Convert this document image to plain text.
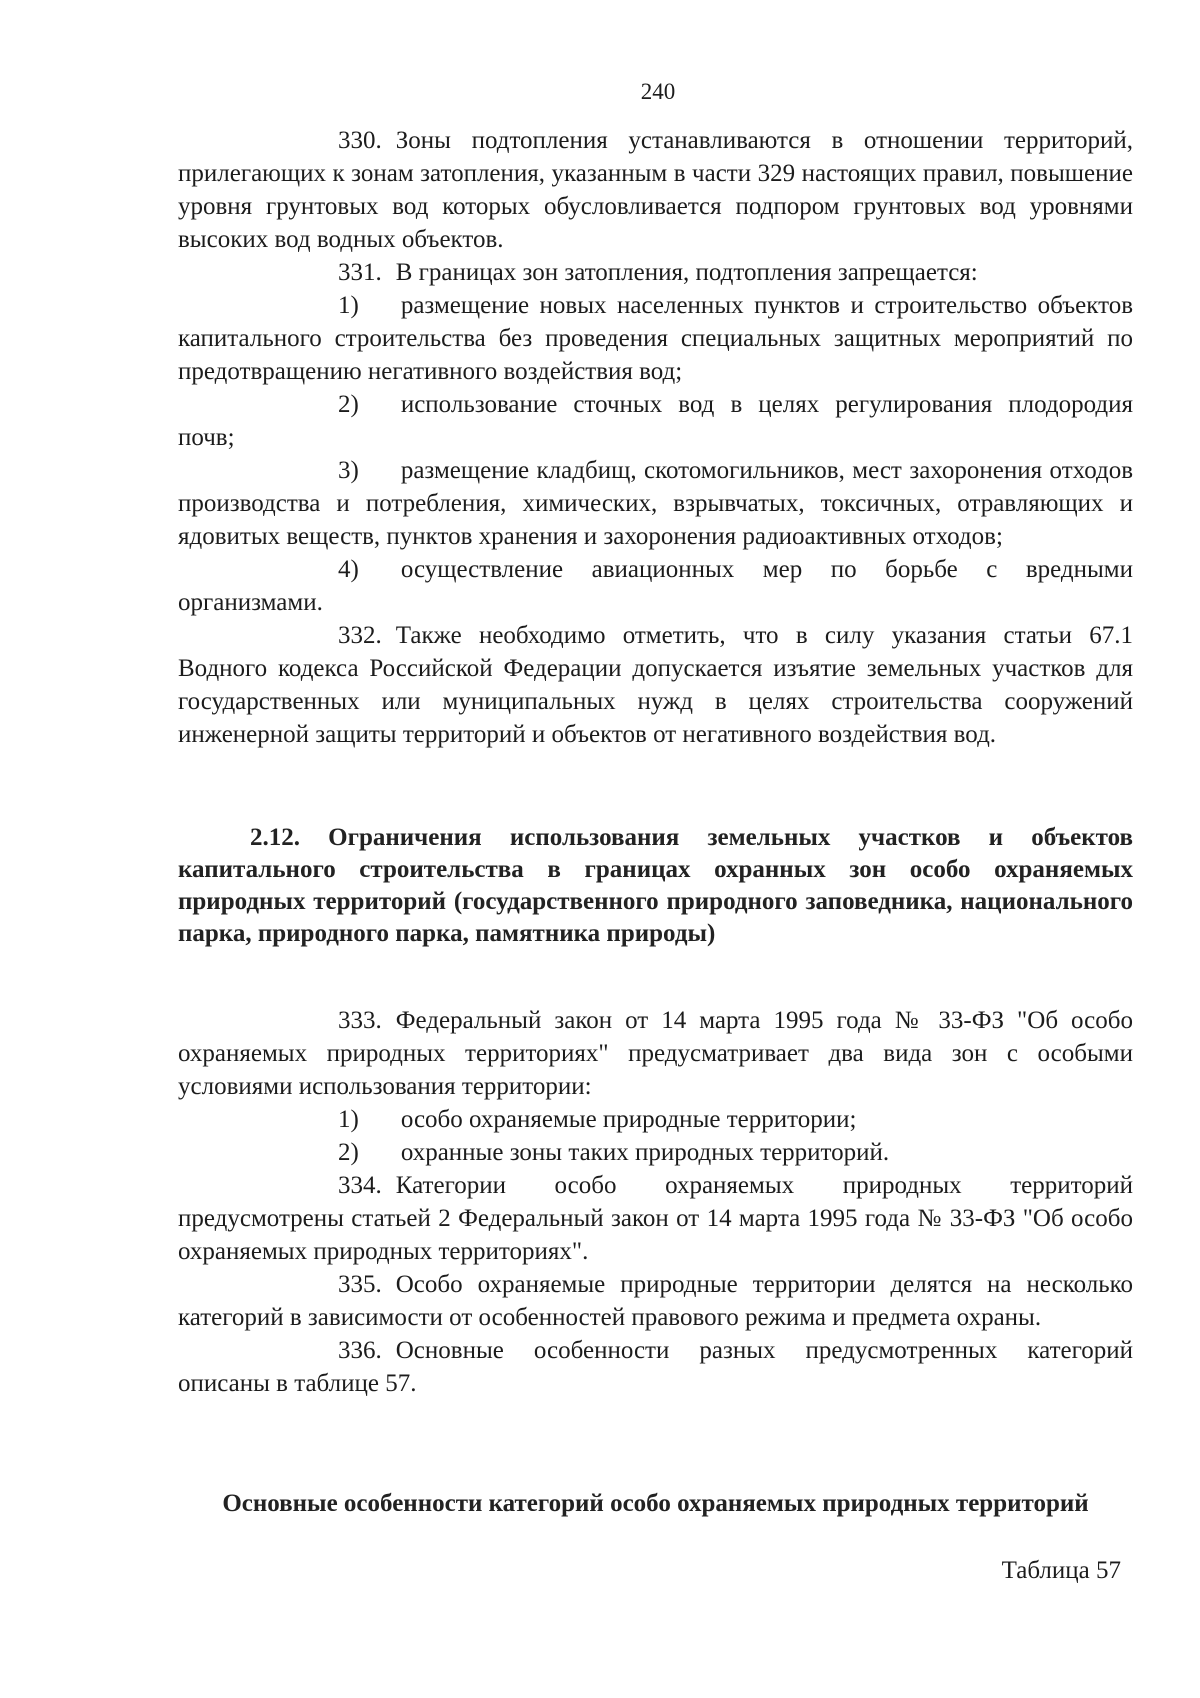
240

330. Зоны подтопления устанавливаются в отношении территорий, прилегающих к зонам затопления, указанным в части 329 настоящих правил, повышение уровня грунтовых вод которых обусловливается подпором грунтовых вод уровнями высоких вод водных объектов.

331. В границах зон затопления, подтопления запрещается:

1) размещение новых населенных пунктов и строительство объектов капитального строительства без проведения специальных защитных мероприятий по предотвращению негативного воздействия вод;

2) использование сточных вод в целях регулирования плодородия почв;

3) размещение кладбищ, скотомогильников, мест захоронения отходов производства и потребления, химических, взрывчатых, токсичных, отравляющих и ядовитых веществ, пунктов хранения и захоронения радиоактивных отходов;

4) осуществление авиационных мер по борьбе с вредными организмами.

332. Также необходимо отметить, что в силу указания статьи 67.1 Водного кодекса Российской Федерации допускается изъятие земельных участков для государственных или муниципальных нужд в целях строительства сооружений инженерной защиты территорий и объектов от негативного воздействия вод.

2.12. Ограничения использования земельных участков и объектов капитального строительства в границах охранных зон особо охраняемых природных территорий (государственного природного заповедника, национального парка, природного парка, памятника природы)

333. Федеральный закон от 14 марта 1995 года № 33-ФЗ "Об особо охраняемых природных территориях" предусматривает два вида зон с особыми условиями использования территории:

1) особо охраняемые природные территории;

2) охранные зоны таких природных территорий.

334. Категории особо охраняемых природных территорий предусмотрены статьей 2 Федеральный закон от 14 марта 1995 года № 33-ФЗ "Об особо охраняемых природных территориях".

335. Особо охраняемые природные территории делятся на несколько категорий в зависимости от особенностей правового режима и предмета охраны.

336. Основные особенности разных предусмотренных категорий описаны в таблице 57.

Основные особенности категорий особо охраняемых природных территорий

Таблица 57
